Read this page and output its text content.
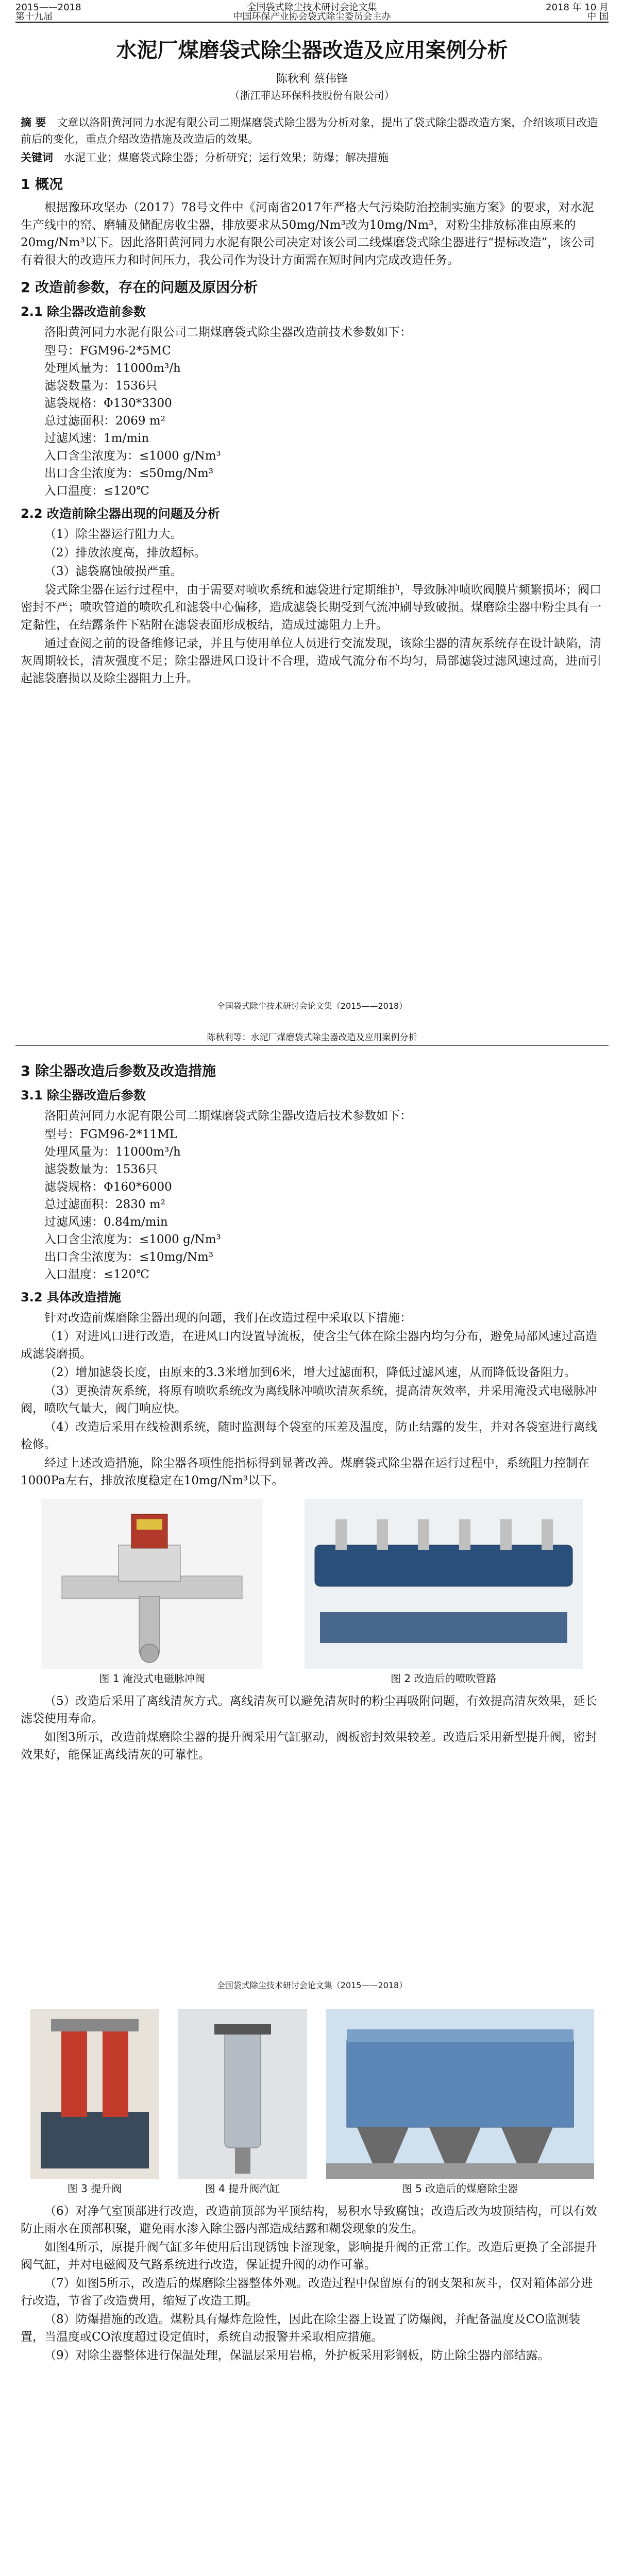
2015——2018
第十九届
全国袋式除尘技术研讨会论文集
中国环保产业协会袋式除尘委员会主办
2018 年 10 月
中 国
水泥厂煤磨袋式除尘器改造及应用案例分析
陈秋利 蔡伟锋
（浙江菲达环保科技股份有限公司）

摘 要　 文章以洛阳黄河同力水泥有限公司二期煤磨袋式除尘器为分析对象，提出了袋式除尘器改造方案，介绍该项目改造前后的变化，重点介绍改造措施及改造后的效果。

关键词　 水泥工业；煤磨袋式除尘器；分析研究；运行效果；防爆；解决措施

1 概况

根据豫环攻坚办（2017）78号文件中《河南省2017年严格大气污染防治控制实施方案》的要求，对水泥生产线中的窑、磨辅及储配房收尘器，排放要求从50mg/Nm³改为10mg/Nm³，对粉尘排放标准由原来的20mg/Nm³以下。因此洛阳黄河同力水泥有限公司决定对该公司二线煤磨袋式除尘器进行“提标改造”，该公司有着很大的改造压力和时间压力，我公司作为设计方面需在短时间内完成改造任务。

2 改造前参数，存在的问题及原因分析
2.1 除尘器改造前参数

洛阳黄河同力水泥有限公司二期煤磨袋式除尘器改造前技术参数如下：

型号：FGM96-2*5MC

处理风量为：11000m³/h

滤袋数量为：1536只

滤袋规格：Φ130*3300

总过滤面积：2069 m²

过滤风速：1m/min

入口含尘浓度为：≤1000 g/Nm³

出口含尘浓度为：≤50mg/Nm³

入口温度：≤120℃

2.2 改造前除尘器出现的问题及分析

（1）除尘器运行阻力大。

（2）排放浓度高，排放超标。

（3）滤袋腐蚀破损严重。

袋式除尘器在运行过程中，由于需要对喷吹系统和滤袋进行定期维护，导致脉冲喷吹阀膜片频繁损坏；阀口密封不严；喷吹管道的喷吹孔和滤袋中心偏移，造成滤袋长期受到气流冲刷导致破损。煤磨除尘器中粉尘具有一定黏性，在结露条件下粘附在滤袋表面形成板结，造成过滤阻力上升。

通过查阅之前的设备维修记录，并且与使用单位人员进行交流发现，该除尘器的清灰系统存在设计缺陷，清灰周期较长，清灰强度不足；除尘器进风口设计不合理，造成气流分布不均匀，局部滤袋过滤风速过高，进而引起滤袋磨损以及除尘器阻力上升。

全国袋式除尘技术研讨会论文集（2015——2018）
陈秋利等：水泥厂煤磨袋式除尘器改造及应用案例分析
3 除尘器改造后参数及改造措施
3.1 除尘器改造后参数

洛阳黄河同力水泥有限公司二期煤磨袋式除尘器改造后技术参数如下：

型号：FGM96-2*11ML

处理风量为：11000m³/h

滤袋数量为：1536只

滤袋规格：Φ160*6000

总过滤面积：2830 m²

过滤风速：0.84m/min

入口含尘浓度为：≤1000 g/Nm³

出口含尘浓度为：≤10mg/Nm³

入口温度：≤120℃

3.2 具体改造措施

针对改造前煤磨除尘器出现的问题，我们在改造过程中采取以下措施：

（1）对进风口进行改造，在进风口内设置导流板，使含尘气体在除尘器内均匀分布，避免局部风速过高造成滤袋磨损。

（2）增加滤袋长度，由原来的3.3米增加到6米，增大过滤面积，降低过滤风速，从而降低设备阻力。

（3）更换清灰系统，将原有喷吹系统改为离线脉冲喷吹清灰系统，提高清灰效率，并采用淹没式电磁脉冲阀，喷吹气量大，阀门响应快。

（4）改造后采用在线检测系统，随时监测每个袋室的压差及温度，防止结露的发生，并对各袋室进行离线检修。

经过上述改造措施，除尘器各项性能指标得到显著改善。煤磨袋式除尘器在运行过程中，系统阻力控制在1000Pa左右，排放浓度稳定在10mg/Nm³以下。

图 1 淹没式电磁脉冲阀	图 2 改造后的喷吹管路

（5）改造后采用了离线清灰方式。离线清灰可以避免清灰时的粉尘再吸附问题，有效提高清灰效果，延长滤袋使用寿命。

如图3所示，改造前煤磨除尘器的提升阀采用气缸驱动，阀板密封效果较差。改造后采用新型提升阀，密封效果好，能保证离线清灰的可靠性。

全国袋式除尘技术研讨会论文集（2015——2018）
图 3 提升阀	图 4 提升阀汽缸	图 5 改造后的煤磨除尘器

（6）对净气室顶部进行改造，改造前顶部为平顶结构，易积水导致腐蚀；改造后改为坡顶结构，可以有效防止雨水在顶部积聚，避免雨水渗入除尘器内部造成结露和糊袋现象的发生。

如图4所示，原提升阀气缸多年使用后出现锈蚀卡涩现象，影响提升阀的正常工作。改造后更换了全部提升阀气缸，并对电磁阀及气路系统进行改造，保证提升阀的动作可靠。

（7）如图5所示，改造后的煤磨除尘器整体外观。改造过程中保留原有的钢支架和灰斗，仅对箱体部分进行改造，节省了改造费用，缩短了改造工期。

（8）防爆措施的改造。煤粉具有爆炸危险性，因此在除尘器上设置了防爆阀，并配备温度及CO监测装置，当温度或CO浓度超过设定值时，系统自动报警并采取相应措施。

（9）对除尘器整体进行保温处理，保温层采用岩棉，外护板采用彩钢板，防止除尘器内部结露。
